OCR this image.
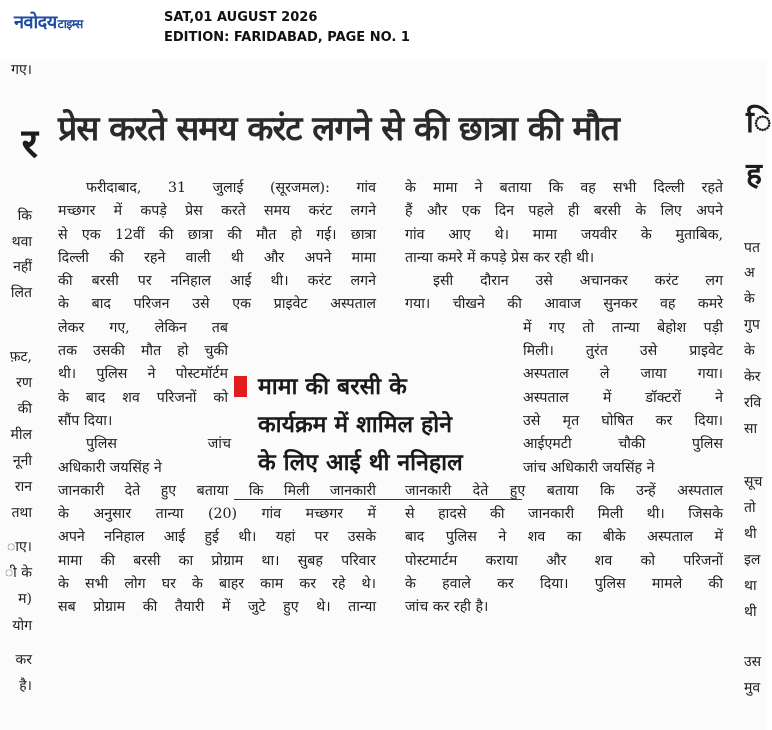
नवोदयटाइम्स	SAT,01 AUGUST 2026
EDITION: FARIDABAD, PAGE NO. 1
गए।
र
कि
थवा
नहीं
लित
फ़ट,
रण
की
मील
नूनी
रान
तथा
ाए।
ी के
म)
योग
कर
है।
प्रेस करते समय करंट लगने से की छात्रा की मौत
फरीदाबाद, 31 जुलाई (सूरजमल): गांव
मच्छगर में कपड़े प्रेस करते समय करंट लगने
से एक 12वीं की छात्रा की मौत हो गई। छात्रा
दिल्ली की रहने वाली थी और अपने मामा
की बरसी पर ननिहाल आई थी। करंट लगने
के बाद परिजन उसे एक प्राइवेट अस्पताल
लेकर गए, लेकिन तब
तक उसकी मौत हो चुकी
थी। पुलिस ने पोस्टमॉर्टम
के बाद शव परिजनों को
सौंप दिया।
पुलिस जांच
अधिकारी जयसिंह ने
जानकारी देते हुए बताया कि मिली जानकारी
के अनुसार तान्या (20) गांव मच्छगर में
अपने ननिहाल आई हुई थी। यहां पर उसके
मामा की बरसी का प्रोग्राम था। सुबह परिवार
के सभी लोग घर के बाहर काम कर रहे थे।
सब प्रोग्राम की तैयारी में जुटे हुए थे। तान्या
के मामा ने बताया कि वह सभी दिल्ली रहते
हैं और एक दिन पहले ही बरसी के लिए अपने
गांव आए थे। मामा जयवीर के मुताबिक,
तान्या कमरे में कपड़े प्रेस कर रही थी।
इसी दौरान उसे अचानकर करंट लग
गया। चीखने की आवाज सुनकर वह कमरे
में गए तो तान्या बेहोश पड़ी
मिली। तुरंत उसे प्राइवेट
अस्पताल ले जाया गया।
अस्पताल में डॉक्टरों ने
उसे मृत घोषित कर दिया।
आईएमटी चौकी पुलिस
जांच अधिकारी जयसिंह ने
जानकारी देते हुए बताया कि उन्हें अस्पताल
से हादसे की जानकारी मिली थी। जिसके
बाद पुलिस ने शव का बीके अस्पताल में
पोस्टमार्टम कराया और शव को परिजनों
के हवाले कर दिया। पुलिस मामले की
जांच कर रही है।
मामा की बरसी के
कार्यक्रम में शामिल होने
के लिए आई थी ननिहाल
ि
ह
पत
अ
के
गुप
के
केर
रवि
सा
सूच
तो
थी
इल
था
थी
उस
मुव
